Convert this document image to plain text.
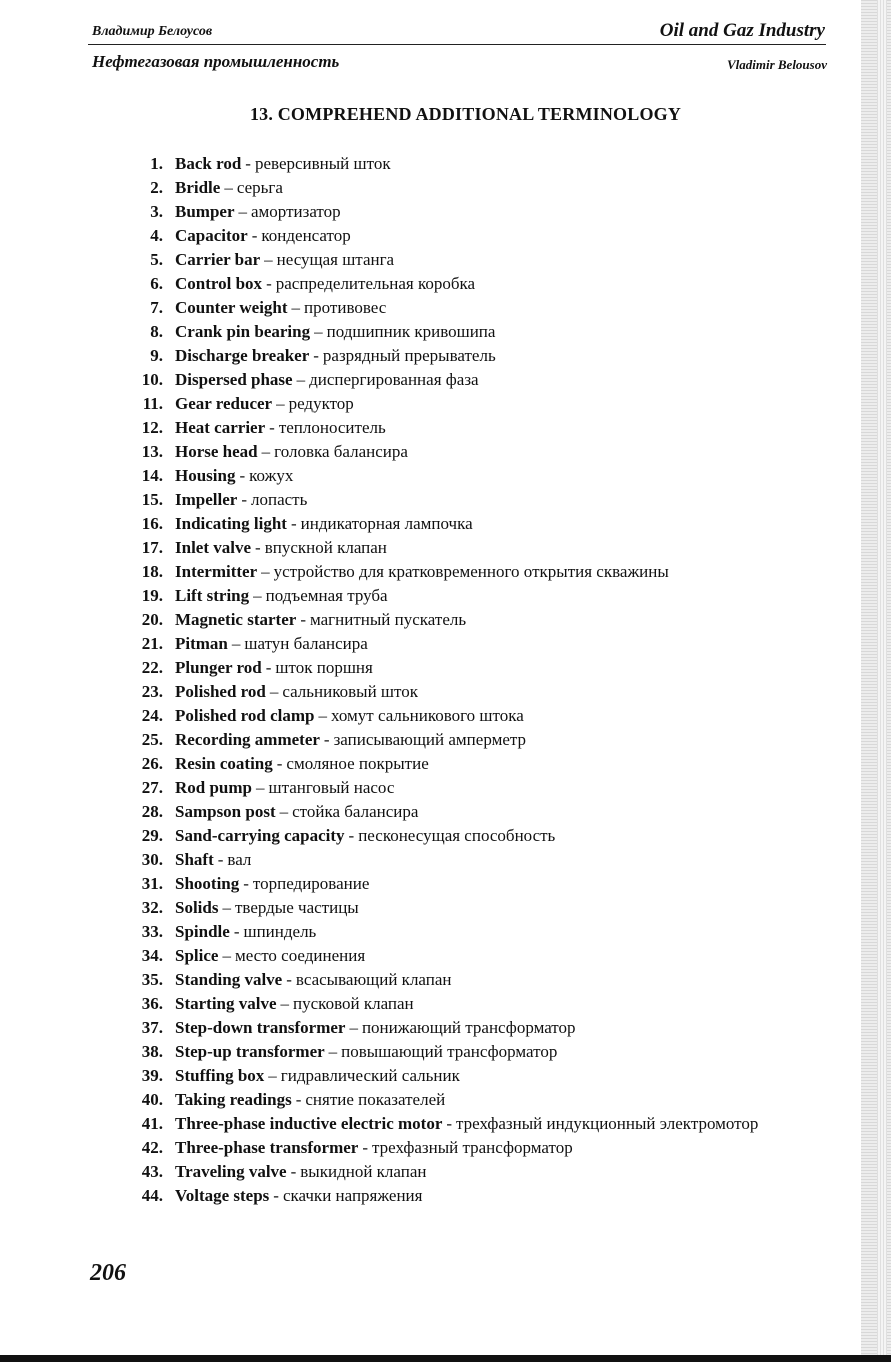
Владимир Белоусов	Oil and Gaz Industry
Нефтегазовая промышленность	Vladimir Belousov
13. COMPREHEND ADDITIONAL TERMINOLOGY
1. Back rod - реверсивный шток
2. Bridle – серьга
3. Bumper – амортизатор
4. Capacitor - конденсатор
5. Carrier bar – несущая штанга
6. Control box - распределительная коробка
7. Counter weight – противовес
8. Crank pin bearing – подшипник кривошипа
9. Discharge breaker - разрядный прерыватель
10. Dispersed phase – диспергированная фаза
11. Gear reducer – редуктор
12. Heat carrier - теплоноситель
13. Horse head – головка балансира
14. Housing - кожух
15. Impeller - лопасть
16. Indicating light - индикаторная лампочка
17. Inlet valve - впускной клапан
18. Intermitter – устройство для кратковременного открытия скважины
19. Lift string – подъемная труба
20. Magnetic starter - магнитный пускатель
21. Pitman – шатун балансира
22. Plunger rod - шток поршня
23. Polished rod – сальниковый шток
24. Polished rod clamp – хомут сальникового штока
25. Recording ammeter - записывающий амперметр
26. Resin coating - смоляное покрытие
27. Rod pump – штанговый насос
28. Sampson post – стойка балансира
29. Sand-carrying capacity - песконесущая способность
30. Shaft - вал
31. Shooting - торпедирование
32. Solids – твердые частицы
33. Spindle - шпиндель
34. Splice – место соединения
35. Standing valve - всасывающий клапан
36. Starting valve – пусковой клапан
37. Step-down transformer – понижающий трансформатор
38. Step-up transformer – повышающий трансформатор
39. Stuffing box – гидравлический сальник
40. Taking readings - снятие показателей
41. Three-phase inductive electric motor - трехфазный индукционный электромотор
42. Three-phase transformer - трехфазный трансформатор
43. Traveling valve - выкидной клапан
44. Voltage steps - скачки напряжения
206
